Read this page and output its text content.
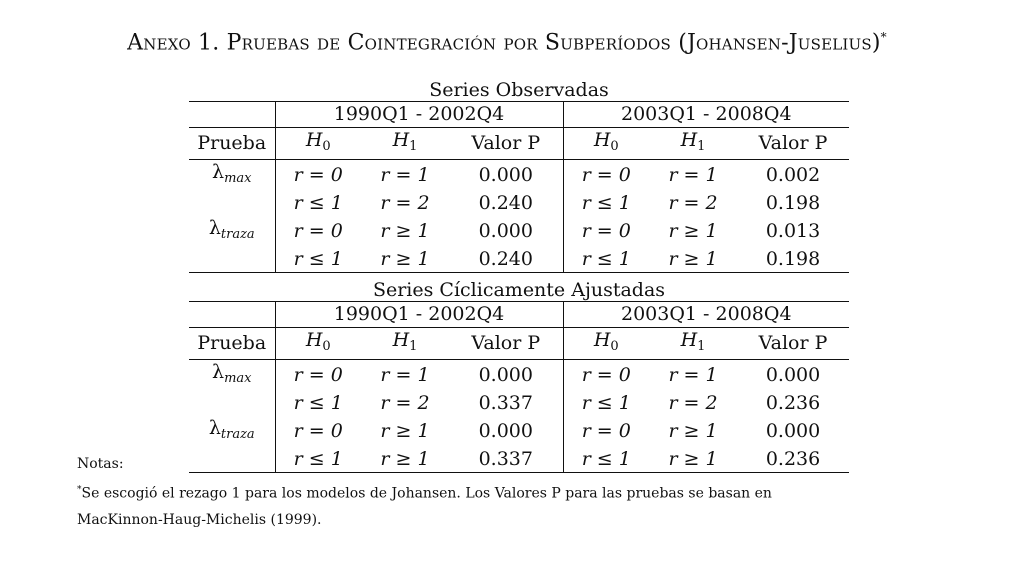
Anexo 1. Pruebas de Cointegración por Subperíodos (Johansen-Juselius)*
Series Observadas
	1990Q1 - 2002Q4			2003Q1 - 2008Q4		
Prueba	$H_0$	$H_1$	Valor P	$H_0$	$H_1$	Valor P
$\lambda_{max}$	r = 0	r = 1	0.000	r = 0	r = 1	0.002
	r ≤ 1	r = 2	0.240	r ≤ 1	r = 2	0.198
$\lambda_{traza}$	r = 0	r ≥ 1	0.000	r = 0	r ≥ 1	0.013
	r ≤ 1	r ≥ 1	0.240	r ≤ 1	r ≥ 1	0.198
Series Cíclicamente Ajustadas
	1990Q1 - 2002Q4			2003Q1 - 2008Q4		
Prueba	$H_0$	$H_1$	Valor P	$H_0$	$H_1$	Valor P
$\lambda_{max}$	r = 0	r = 1	0.000	r = 0	r = 1	0.000
	r ≤ 1	r = 2	0.337	r ≤ 1	r = 2	0.236
$\lambda_{traza}$	r = 0	r ≥ 1	0.000	r = 0	r ≥ 1	0.000
	r ≤ 1	r ≥ 1	0.337	r ≤ 1	r ≥ 1	0.236
Notas:
*Se escogió el rezago 1 para los modelos de Johansen. Los Valores P para las pruebas se basan en
MacKinnon-Haug-Michelis (1999).
